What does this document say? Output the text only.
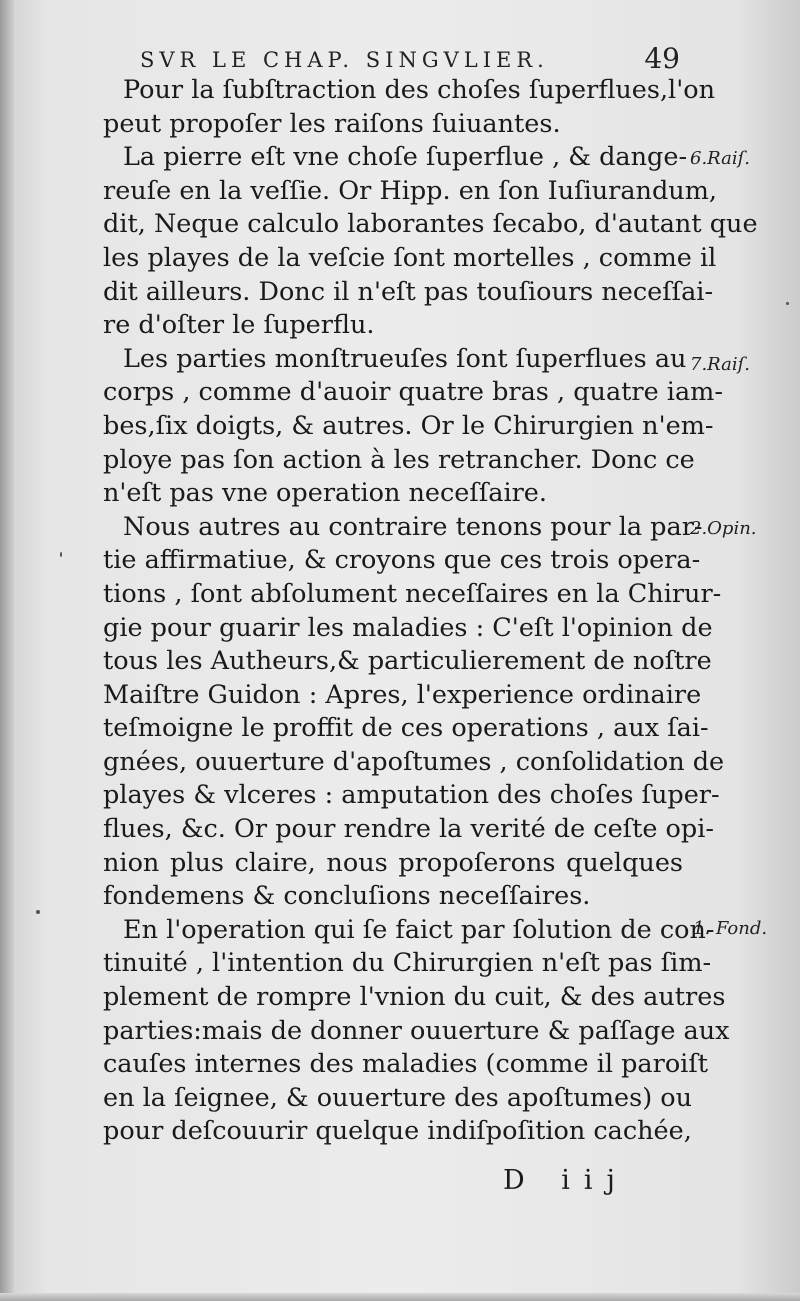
SVR LE CHAP. SINGVLIER.	49
Pour la ſubſtraction des choſes ſuperflues,l'on
peut propoſer les raiſons ſuiuantes.
La pierre eſt vne choſe ſuperflue , & dange-
reuſe en la veſſie. Or Hipp. en ſon Iuſiurandum,
dit, Neque calculo laborantes ſecabo, d'autant que
les playes de la veſcie ſont mortelles , comme il
dit ailleurs. Donc il n'eſt pas touſiours neceſſai-
re d'oſter le ſuperflu.
Les parties monſtrueuſes ſont ſuperflues au
corps , comme d'auoir quatre bras , quatre iam-
bes,ſix doigts, & autres. Or le Chirurgien n'em-
ploye pas ſon action à les retrancher. Donc ce
n'eſt pas vne operation neceſſaire.
Nous autres au contraire tenons pour la par-
tie affirmatiue, & croyons que ces trois opera-
tions , ſont abſolument neceſſaires en la Chirur-
gie pour guarir les maladies : C'eſt l'opinion de
tous les Autheurs,& particulierement de noſtre
Maiſtre Guidon : Apres, l'experience ordinaire
teſmoigne le proffit de ces operations , aux ſai-
gnées, ouuerture d'apoſtumes , conſolidation de
playes & vlceres : amputation des choſes ſuper-
flues, &c. Or pour rendre la verité de ceſte opi-
nion plus claire, nous propoſerons quelques
fondemens & concluſions neceſſaires.
En l'operation qui ſe faict par ſolution de con-
tinuité , l'intention du Chirurgien n'eſt pas ſim-
plement de rompre l'vnion du cuit, & des autres
parties:mais de donner ouuerture & paſſage aux
cauſes internes des maladies (comme il paroiſt
en la ſeignee, & ouuerture des apoſtumes) ou
pour deſcouurir quelque indiſpoſition cachée,
6.Raiſ.
7.Raiſ.
2.Opin.
1. Fond.
D iij
